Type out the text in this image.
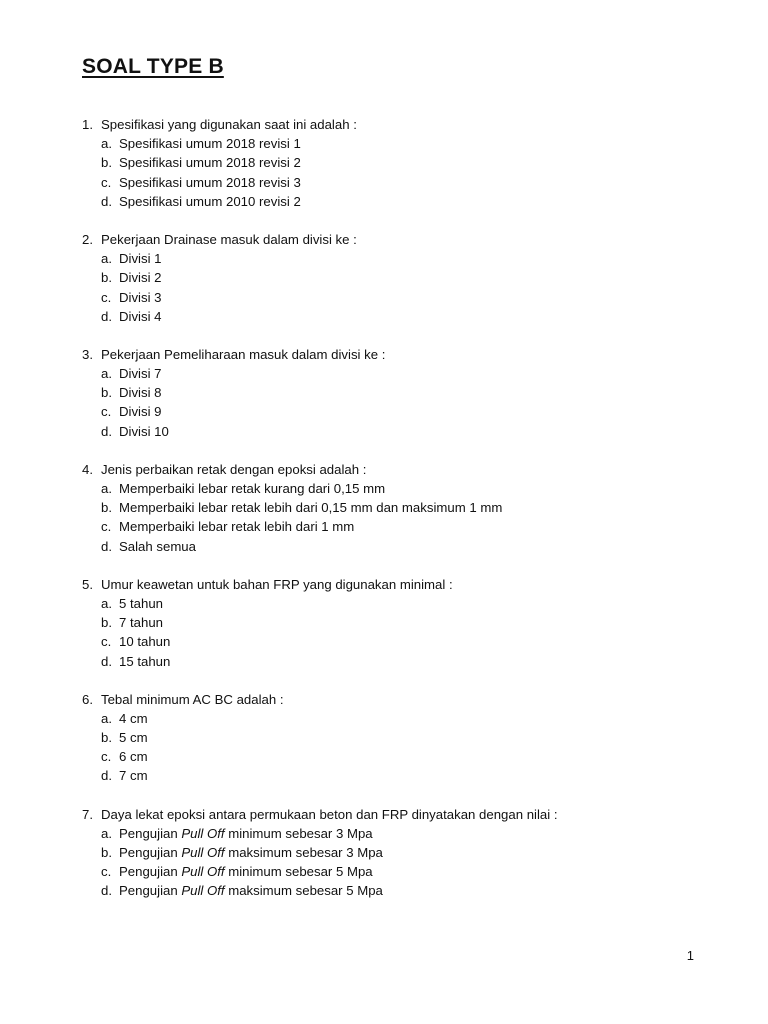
SOAL TYPE B
1. Spesifikasi yang digunakan saat ini adalah :
a. Spesifikasi umum 2018 revisi 1
b. Spesifikasi umum 2018 revisi 2
c. Spesifikasi umum 2018 revisi 3
d. Spesifikasi umum 2010 revisi 2
2. Pekerjaan Drainase masuk dalam divisi ke :
a. Divisi 1
b. Divisi 2
c. Divisi 3
d. Divisi 4
3. Pekerjaan Pemeliharaan masuk dalam divisi ke :
a. Divisi 7
b. Divisi 8
c. Divisi 9
d. Divisi 10
4. Jenis perbaikan retak dengan epoksi adalah :
a. Memperbaiki lebar retak kurang dari 0,15 mm
b. Memperbaiki lebar retak lebih dari 0,15 mm dan maksimum 1 mm
c. Memperbaiki lebar retak lebih dari 1 mm
d. Salah semua
5. Umur keawetan untuk bahan FRP yang digunakan minimal :
a. 5 tahun
b. 7 tahun
c. 10 tahun
d. 15 tahun
6. Tebal minimum AC BC adalah :
a. 4 cm
b. 5 cm
c. 6 cm
d. 7 cm
7. Daya lekat epoksi antara permukaan beton dan FRP dinyatakan dengan nilai :
a. Pengujian Pull Off minimum sebesar 3 Mpa
b. Pengujian Pull Off maksimum sebesar 3 Mpa
c. Pengujian Pull Off minimum sebesar 5 Mpa
d. Pengujian Pull Off maksimum sebesar 5 Mpa
1
